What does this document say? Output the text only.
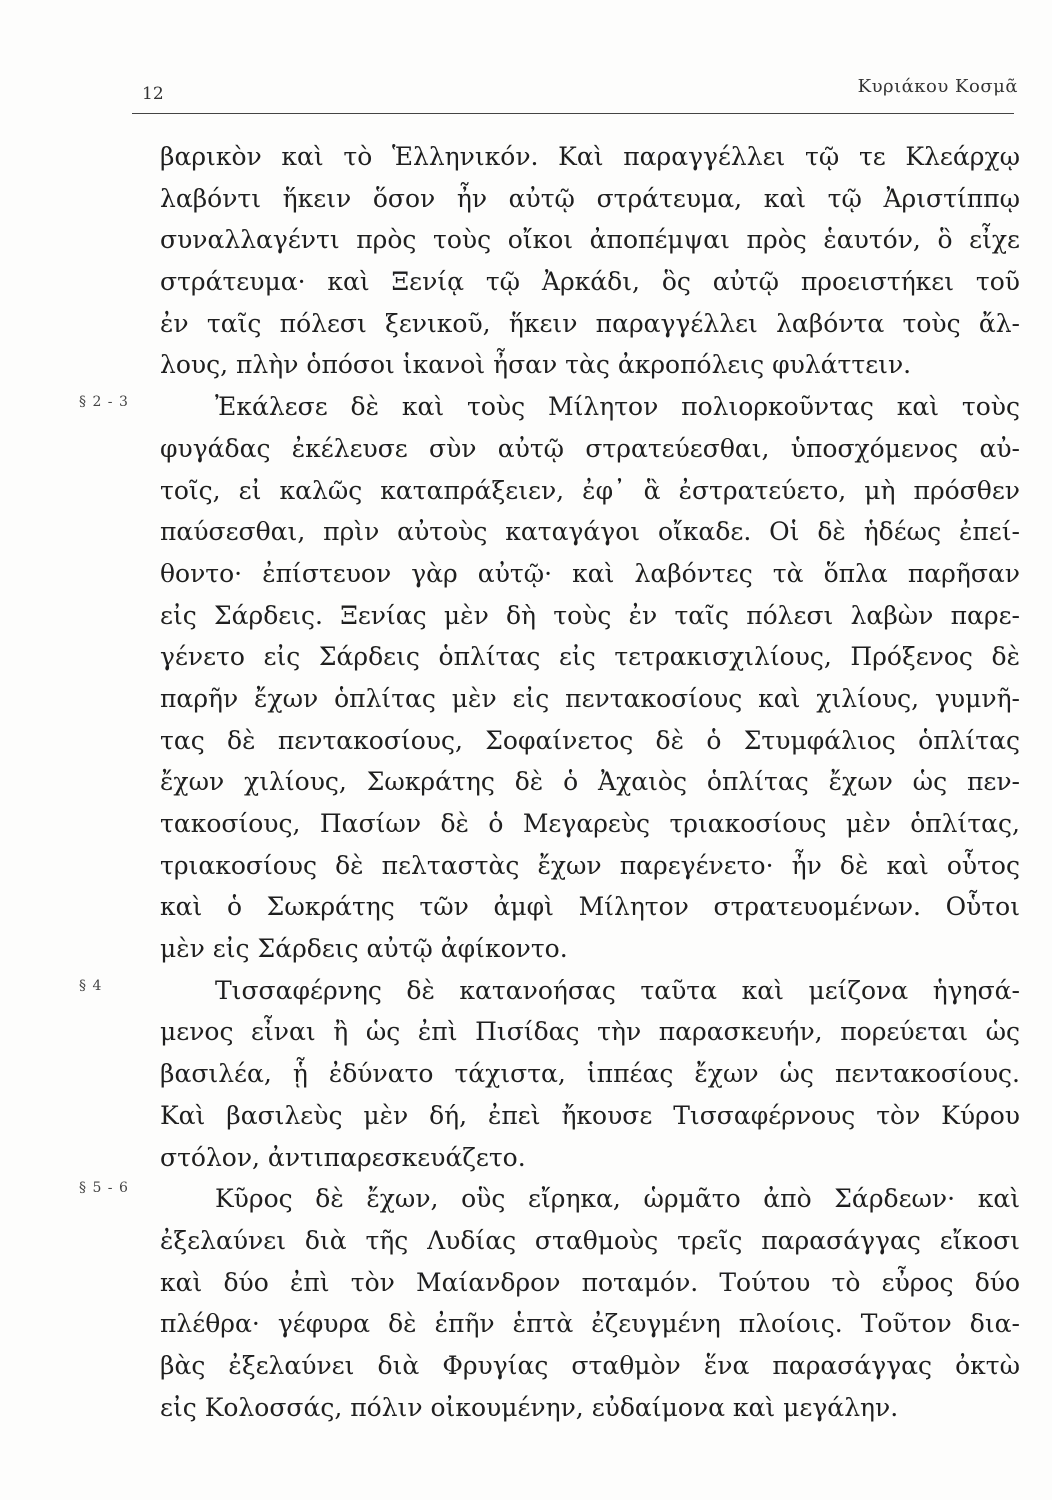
12	Κυριάκου Κοσμᾶ
§ 2 - 3
§ 4
§ 5 - 6
βαρικὸν καὶ τὸ Ἑλληνικόν. Καὶ παραγγέλλει τῷ τε Κλεάρχῳ
λαβόντι ἥκειν ὅσον ἦν αὐτῷ στράτευμα, καὶ τῷ Ἀριστίππῳ
συναλλαγέντι πρὸς τοὺς οἴκοι ἀποπέμψαι πρὸς ἑαυτόν, ὃ εἶχε
στράτευμα· καὶ Ξενίᾳ τῷ Ἀρκάδι, ὃς αὐτῷ προειστήκει τοῦ
ἐν ταῖς πόλεσι ξενικοῦ, ἥκειν παραγγέλλει λαβόντα τοὺς ἄλ-
λους, πλὴν ὁπόσοι ἱκανοὶ ἦσαν τὰς ἀκροπόλεις φυλάττειν.
Ἐκάλεσε δὲ καὶ τοὺς Μίλητον πολιορκοῦντας καὶ τοὺς
φυγάδας ἐκέλευσε σὺν αὐτῷ στρατεύεσθαι, ὑποσχόμενος αὐ-
τοῖς, εἰ καλῶς καταπράξειεν, ἐφ᾽ ἃ ἐστρατεύετο, μὴ πρόσθεν
παύσεσθαι, πρὶν αὐτοὺς καταγάγοι οἴκαδε. Οἱ δὲ ἡδέως ἐπεί-
θοντο· ἐπίστευον γὰρ αὐτῷ· καὶ λαβόντες τὰ ὅπλα παρῆσαν
εἰς Σάρδεις. Ξενίας μὲν δὴ τοὺς ἐν ταῖς πόλεσι λαβὼν παρε-
γένετο εἰς Σάρδεις ὁπλίτας εἰς τετρακισχιλίους, Πρόξενος δὲ
παρῆν ἔχων ὁπλίτας μὲν εἰς πεντακοσίους καὶ χιλίους, γυμνῆ-
τας δὲ πεντακοσίους, Σοφαίνετος δὲ ὁ Στυμφάλιος ὁπλίτας
ἔχων χιλίους, Σωκράτης δὲ ὁ Ἀχαιὸς ὁπλίτας ἔχων ὡς πεν-
τακοσίους, Πασίων δὲ ὁ Μεγαρεὺς τριακοσίους μὲν ὁπλίτας,
τριακοσίους δὲ πελταστὰς ἔχων παρεγένετο· ἦν δὲ καὶ οὗτος
καὶ ὁ Σωκράτης τῶν ἀμφὶ Μίλητον στρατευομένων. Οὗτοι
μὲν εἰς Σάρδεις αὐτῷ ἀφίκοντο.
Τισσαφέρνης δὲ κατανοήσας ταῦτα καὶ μείζονα ἡγησά-
μενος εἶναι ἢ ὡς ἐπὶ Πισίδας τὴν παρασκευήν, πορεύεται ὡς
βασιλέα, ᾗ ἐδύνατο τάχιστα, ἱππέας ἔχων ὡς πεντακοσίους.
Καὶ βασιλεὺς μὲν δή, ἐπεὶ ἤκουσε Τισσαφέρνους τὸν Κύρου
στόλον, ἀντιπαρεσκευάζετο.
Κῦρος δὲ ἔχων, οὓς εἴρηκα, ὡρμᾶτο ἀπὸ Σάρδεων· καὶ
ἐξελαύνει διὰ τῆς Λυδίας σταθμοὺς τρεῖς παρασάγγας εἴκοσι
καὶ δύο ἐπὶ τὸν Μαίανδρον ποταμόν. Τούτου τὸ εὖρος δύο
πλέθρα· γέφυρα δὲ ἐπῆν ἑπτὰ ἐζευγμένη πλοίοις. Τοῦτον δια-
βὰς ἐξελαύνει διὰ Φρυγίας σταθμὸν ἕνα παρασάγγας ὀκτὼ
εἰς Κολοσσάς, πόλιν οἰκουμένην, εὐδαίμονα καὶ μεγάλην.
